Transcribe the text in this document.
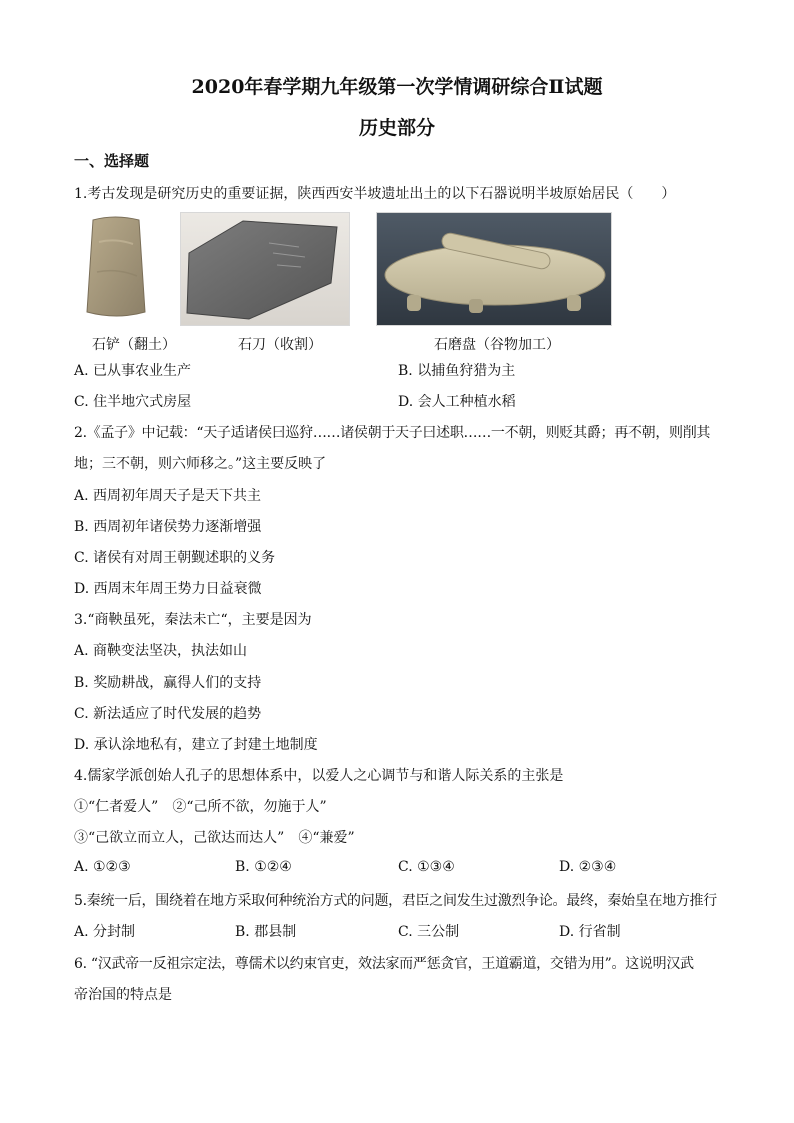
2020年春学期九年级第一次学情调研综合Ⅱ试题
历史部分
一、选择题
1.考古发现是研究历史的重要证据，陕西西安半坡遗址出土的以下石器说明半坡原始居民（　　）
石铲（翻土）	石刀（收割）	石磨盘（谷物加工）
A. 已从事农业生产	B. 以捕鱼狩猎为主
C. 住半地穴式房屋	D. 会人工种植水稻
2.《孟子》中记载：“天子适诸侯曰巡狩……诸侯朝于天子曰述职……一不朝，则贬其爵；再不朝，则削其
地；三不朝，则六师移之。”这主要反映了
A. 西周初年周天子是天下共主
B. 西周初年诸侯势力逐渐增强
C. 诸侯有对周王朝觐述职的义务
D. 西周末年周王势力日益衰微
3.“商鞅虽死，秦法未亡“，主要是因为
A. 商鞅变法坚决，执法如山
B. 奖励耕战，赢得人们的支持
C. 新法适应了时代发展的趋势
D. 承认涂地私有，建立了封建土地制度
4.儒家学派创始人孔子的思想体系中，以爱人之心调节与和谐人际关系的主张是
①“仁者爱人”　②“己所不欲，勿施于人”
③“己欲立而立人，己欲达而达人”　④“兼爱”
A. ①②③	B. ①②④	C. ①③④	D. ②③④
5.秦统一后，围绕着在地方采取何种统治方式的问题，君臣之间发生过激烈争论。最终，秦始皇在地方推行
A. 分封制	B. 郡县制	C. 三公制	D. 行省制
6. “汉武帝一反祖宗定法，尊儒术以约束官吏，效法家而严惩贪官，王道霸道，交错为用”。这说明汉武
帝治国的特点是
